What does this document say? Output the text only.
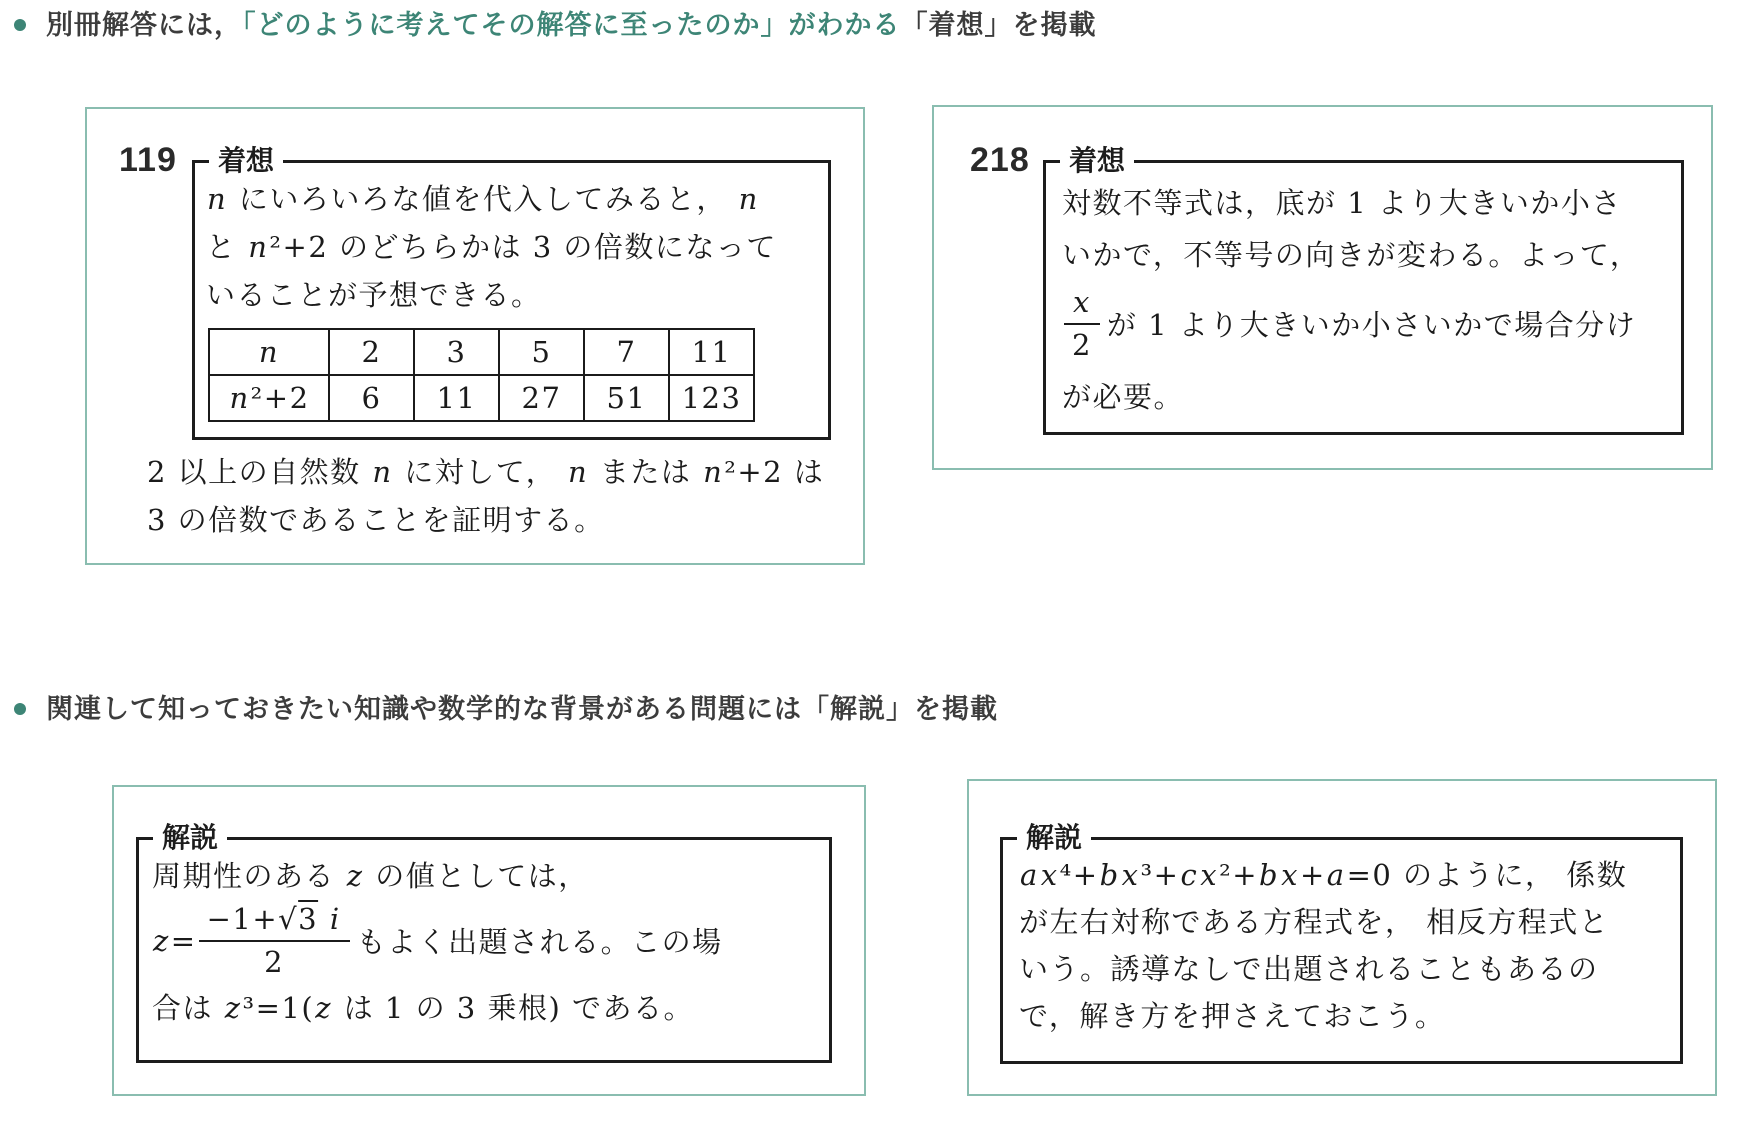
別冊解答には，「どのように考えてその解答に至ったのか」がわかる「着想」を掲載
119	着想
n にいろいろな値を代入してみると， n
と n²+2 のどちらかは 3 の倍数になって
いることが予想できる。
n	2	3	5	7	11
n²+2	6	11	27	51	123
2 以上の自然数 n に対して， n または n²+2 は
3 の倍数であることを証明する。
218	着想
対数不等式は，底が 1 より大きいか小さ
いかで，不等号の向きが変わる。よって，
$\frac{x}{2}$ が 1 より大きいか小さいかで場合分け
が必要。
関連して知っておきたい知識や数学的な背景がある問題には「解説」を掲載
解説
周期性のある z の値としては，
$z= \frac{-1+√3 i}{2}$ もよく出題される。この場
合は z³=1(z は 1 の 3 乗根) である。
解説
ax⁴+bx³+cx²+bx+a=0 のように， 係数
が左右対称である方程式を， 相反方程式と
いう。誘導なしで出題されることもあるの
で，解き方を押さえておこう。
